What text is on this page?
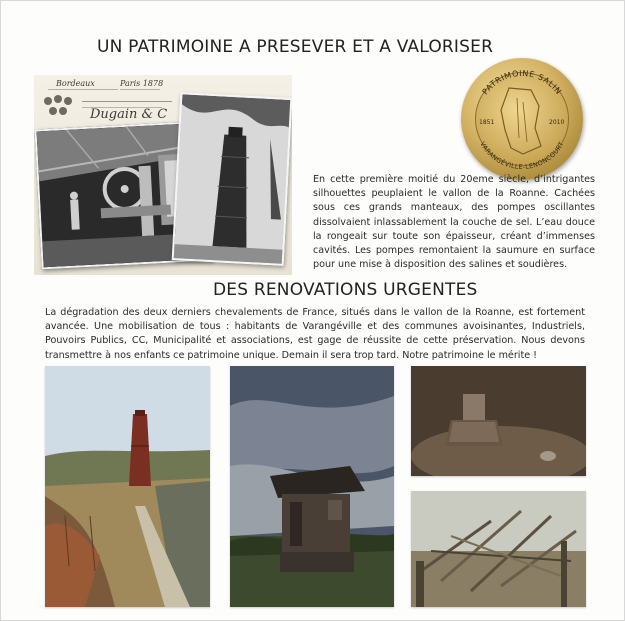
UN PATRIMOINE A PRESEVER ET A VALORISER
Bordeaux	Paris 1878
Dugain & C
PATRIMOINE SALIN
VARANGÉVILLE-LENONCOURT
1851	2010
En cette première moitié du 20eme siècle, d’intrigantes silhouettes peuplaient le vallon de la Roanne. Cachées sous ces grands manteaux, des pompes oscillantes dissolvaient inlassablement la couche de sel. L’eau douce la rongeait sur toute son épaisseur, créant d’immenses cavités. Les pompes remontaient la saumure en surface pour une mise à disposition des salines et soudières.
DES RENOVATIONS URGENTES
La dégradation des deux derniers chevalements de France, situés dans le vallon de la Roanne, est fortement avancée. Une mobilisation de tous : habitants de Varangéville et des communes avoisinantes, Industriels, Pouvoirs Publics, CC, Municipalité et associations, est gage de réussite de cette préservation. Nous devons transmettre à nos enfants ce patrimoine unique. Demain il sera trop tard. Notre patrimoine le mérite !
